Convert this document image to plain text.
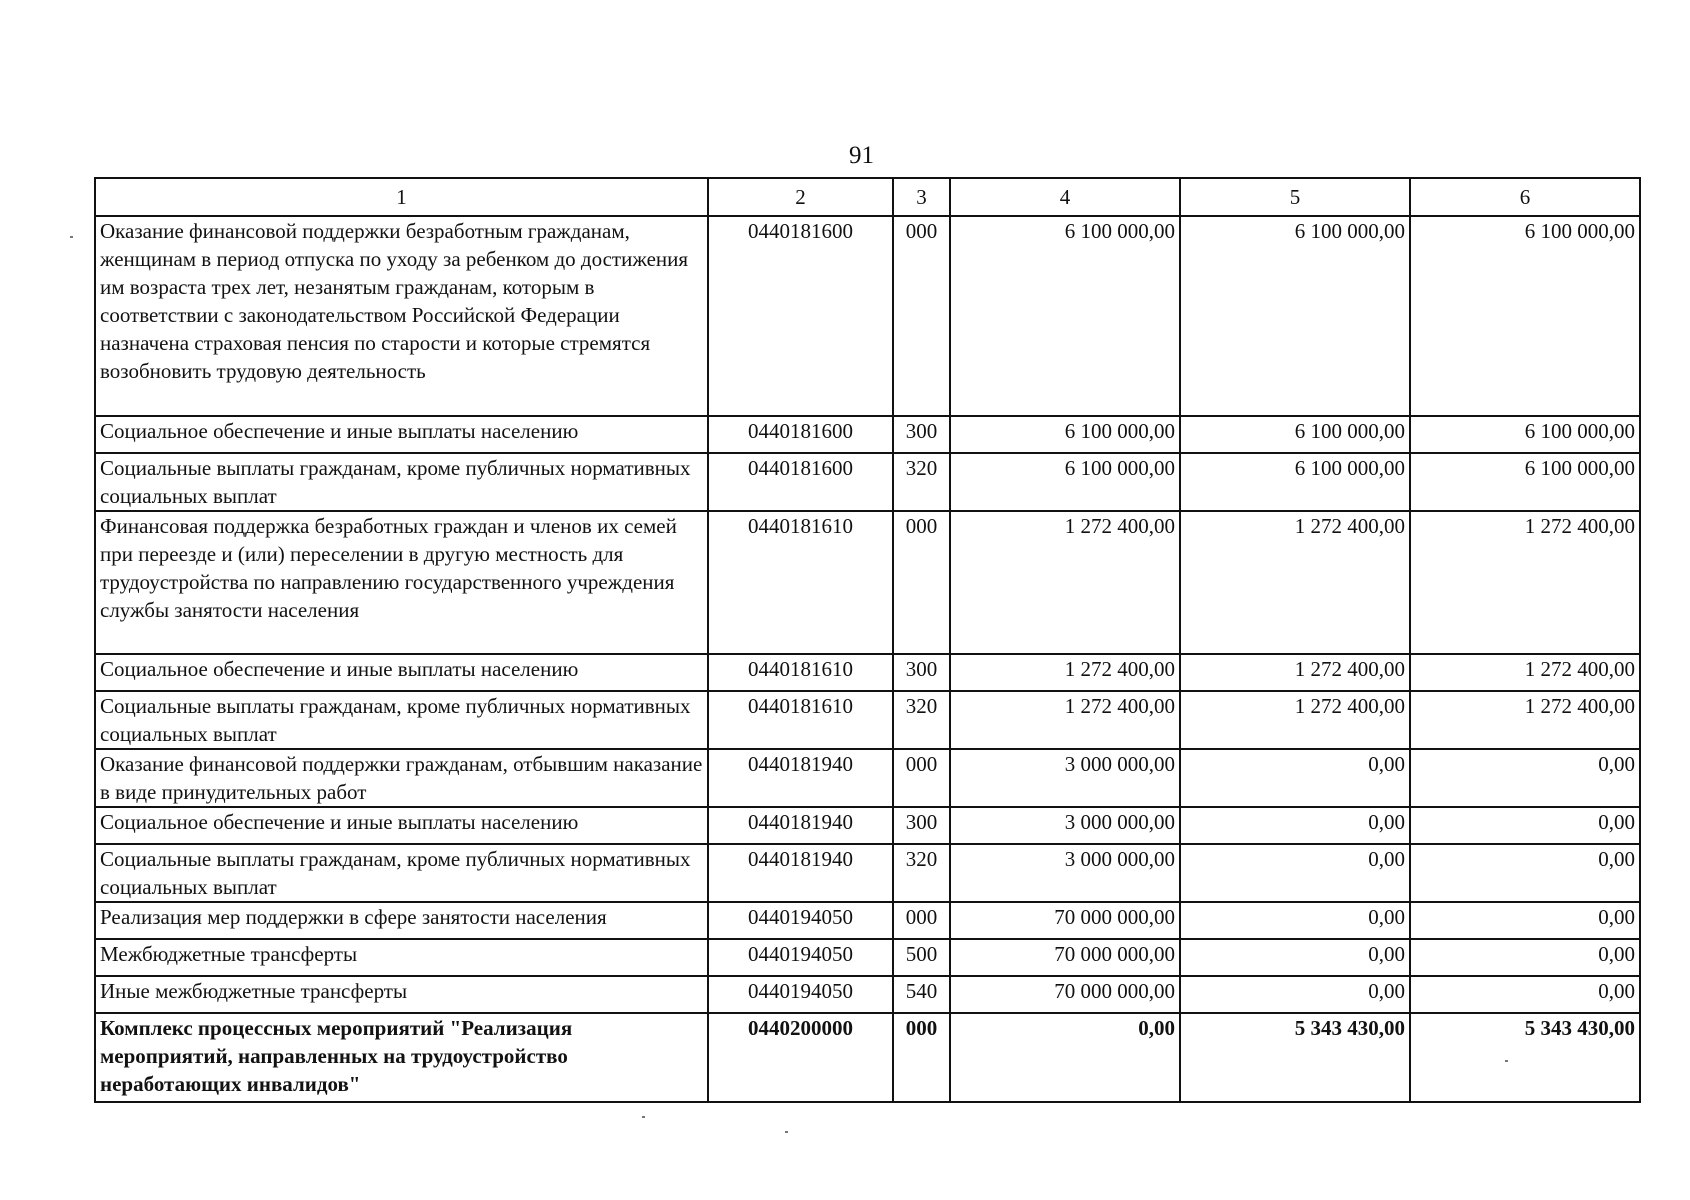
91
1	2	3	4	5	6
Оказание финансовой поддержки безработным гражданам, женщинам в период отпуска по уходу за ребенком до достижения им возраста трех лет, незанятым гражданам, которым в соответствии с законодательством Российской Федерации назначена страховая пенсия по старости и которые стремятся возобновить трудовую деятельность	0440181600	000	6 100 000,00	6 100 000,00	6 100 000,00
Социальное обеспечение и иные выплаты населению	0440181600	300	6 100 000,00	6 100 000,00	6 100 000,00
Социальные выплаты гражданам, кроме публичных нормативных социальных выплат	0440181600	320	6 100 000,00	6 100 000,00	6 100 000,00
Финансовая поддержка безработных граждан и членов их семей при переезде и (или) переселении в другую местность для трудоустройства по направлению государственного учреждения службы занятости населения	0440181610	000	1 272 400,00	1 272 400,00	1 272 400,00
Социальное обеспечение и иные выплаты населению	0440181610	300	1 272 400,00	1 272 400,00	1 272 400,00
Социальные выплаты гражданам, кроме публичных нормативных социальных выплат	0440181610	320	1 272 400,00	1 272 400,00	1 272 400,00
Оказание финансовой поддержки гражданам, отбывшим наказание в виде принудительных работ	0440181940	000	3 000 000,00	0,00	0,00
Социальное обеспечение и иные выплаты населению	0440181940	300	3 000 000,00	0,00	0,00
Социальные выплаты гражданам, кроме публичных нормативных социальных выплат	0440181940	320	3 000 000,00	0,00	0,00
Реализация мер поддержки в сфере занятости населения	0440194050	000	70 000 000,00	0,00	0,00
Межбюджетные трансферты	0440194050	500	70 000 000,00	0,00	0,00
Иные межбюджетные трансферты	0440194050	540	70 000 000,00	0,00	0,00
Комплекс процессных мероприятий "Реализация мероприятий, направленных на трудоустройство неработающих инвалидов"	0440200000	000	0,00	5 343 430,00	5 343 430,00
